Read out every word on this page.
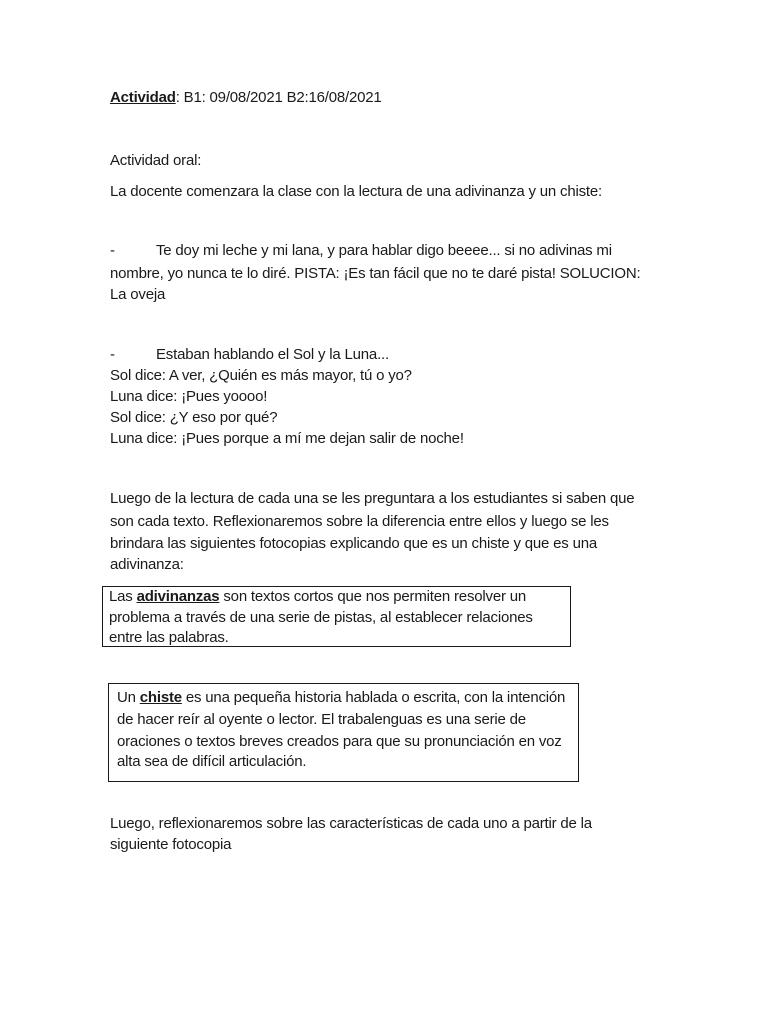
Actividad: B1: 09/08/2021 B2:16/08/2021
Actividad oral:
La docente comenzara la clase con la lectura de una adivinanza y un chiste:
-	Te doy mi leche y mi lana, y para hablar digo beeee... si no adivinas mi
nombre, yo nunca te lo diré. PISTA: ¡Es tan fácil que no te daré pista! SOLUCION:
La oveja
-	Estaban hablando el Sol y la Luna...
Sol dice: A ver, ¿Quién es más mayor, tú o yo?
Luna dice: ¡Pues yoooo!
Sol dice: ¿Y eso por qué?
Luna dice: ¡Pues porque a mí me dejan salir de noche!
Luego de la lectura de cada una se les preguntara a los estudiantes si saben que
son cada texto. Reflexionaremos sobre la diferencia entre ellos y luego se les
brindara las siguientes fotocopias explicando que es un chiste y que es una
adivinanza:
Las adivinanzas son textos cortos que nos permiten resolver un
problema a través de una serie de pistas, al establecer relaciones
entre las palabras.
Un chiste es una pequeña historia hablada o escrita, con la intención
de hacer reír al oyente o lector. El trabalenguas es una serie de
oraciones o textos breves creados para que su pronunciación en voz
alta sea de difícil articulación.
Luego, reflexionaremos sobre las características de cada uno a partir de la
siguiente fotocopia
